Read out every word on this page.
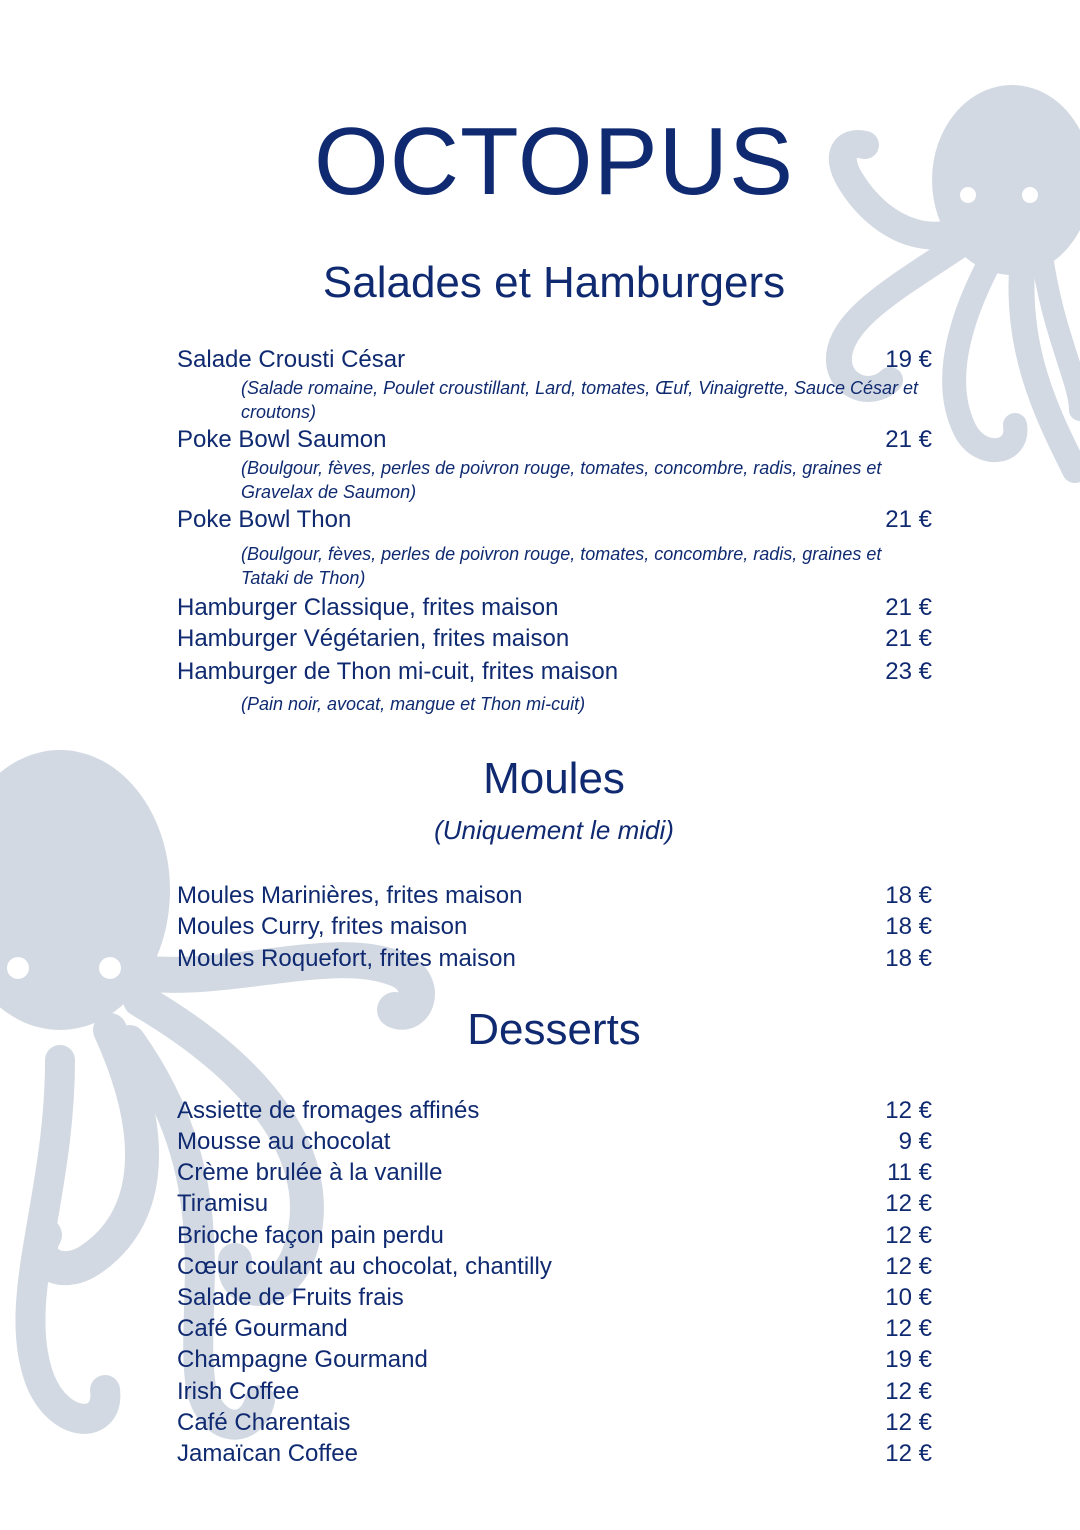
OCTOPUS
Salades et Hamburgers
Salade Crousti César	19 €
(Salade romaine, Poulet croustillant, Lard, tomates, Œuf, Vinaigrette, Sauce César et croutons)
Poke Bowl Saumon	21 €
(Boulgour, fèves, perles de poivron rouge, tomates, concombre, radis, graines et Gravelax de Saumon)
Poke Bowl Thon	21 €
(Boulgour, fèves, perles de poivron rouge, tomates, concombre, radis, graines et Tataki de Thon)
Hamburger Classique, frites maison	21 €
Hamburger Végétarien, frites maison	21 €
Hamburger de Thon mi-cuit, frites maison	23 €
(Pain noir, avocat, mangue et Thon mi-cuit)
Moules
(Uniquement le midi)
Moules Marinières, frites maison	18 €
Moules Curry, frites maison	18 €
Moules Roquefort, frites maison	18 €
Desserts
Assiette de fromages affinés	12 €
Mousse au chocolat	9 €
Crème brulée à la vanille	11 €
Tiramisu	12 €
Brioche façon pain perdu	12 €
Cœur coulant au chocolat, chantilly	12 €
Salade de Fruits frais	10 €
Café Gourmand	12 €
Champagne Gourmand	19 €
Irish Coffee	12 €
Café Charentais	12 €
Jamaïcan Coffee	12 €
